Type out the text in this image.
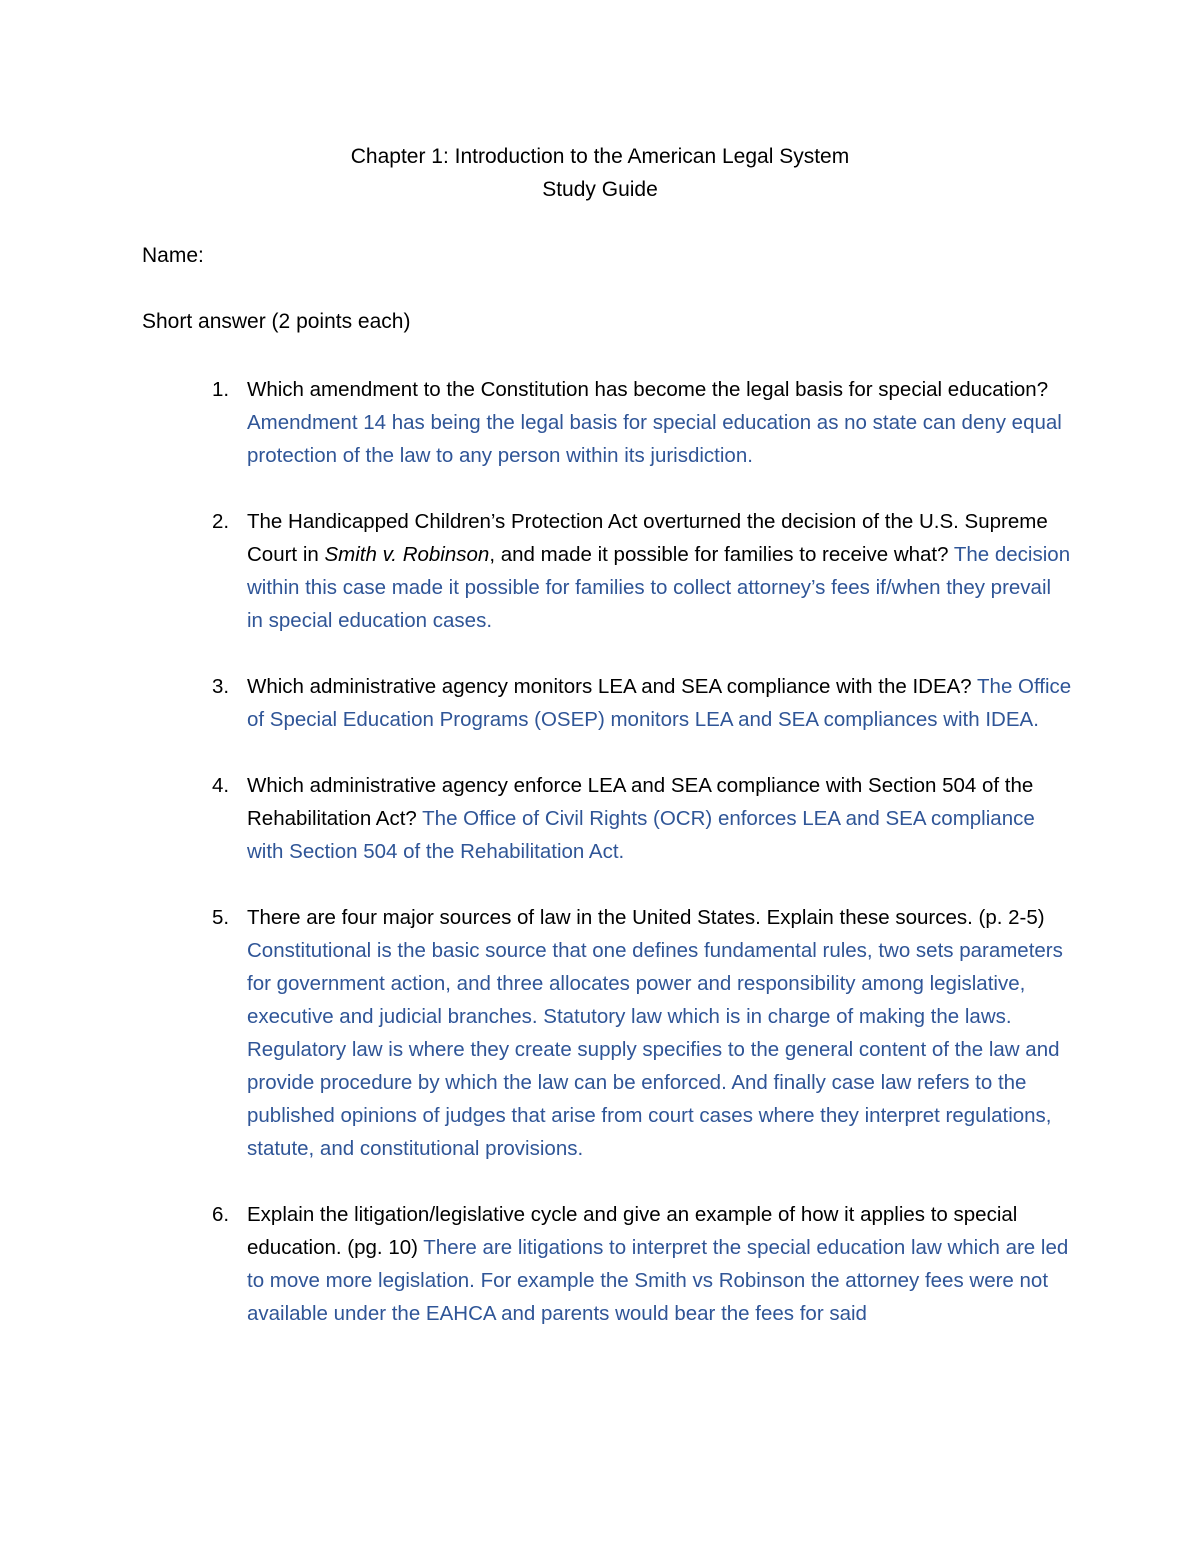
Chapter 1: Introduction to the American Legal System
Study Guide
Name:
Short answer (2 points each)
1. Which amendment to the Constitution has become the legal basis for special education? Amendment 14 has being the legal basis for special education as no state can deny equal protection of the law to any person within its jurisdiction.
2. The Handicapped Children’s Protection Act overturned the decision of the U.S. Supreme Court in Smith v. Robinson, and made it possible for families to receive what? The decision within this case made it possible for families to collect attorney’s fees if/when they prevail in special education cases.
3. Which administrative agency monitors LEA and SEA compliance with the IDEA? The Office of Special Education Programs (OSEP) monitors LEA and SEA compliances with IDEA.
4. Which administrative agency enforce LEA and SEA compliance with Section 504 of the Rehabilitation Act? The Office of Civil Rights (OCR) enforces LEA and SEA compliance with Section 504 of the Rehabilitation Act.
5. There are four major sources of law in the United States. Explain these sources. (p. 2-5) Constitutional is the basic source that one defines fundamental rules, two sets parameters for government action, and three allocates power and responsibility among legislative, executive and judicial branches. Statutory law which is in charge of making the laws. Regulatory law is where they create supply specifies to the general content of the law and provide procedure by which the law can be enforced. And finally case law refers to the published opinions of judges that arise from court cases where they interpret regulations, statute, and constitutional provisions.
6. Explain the litigation/legislative cycle and give an example of how it applies to special education. (pg. 10) There are litigations to interpret the special education law which are led to move more legislation. For example the Smith vs Robinson the attorney fees were not available under the EAHCA and parents would bear the fees for said
